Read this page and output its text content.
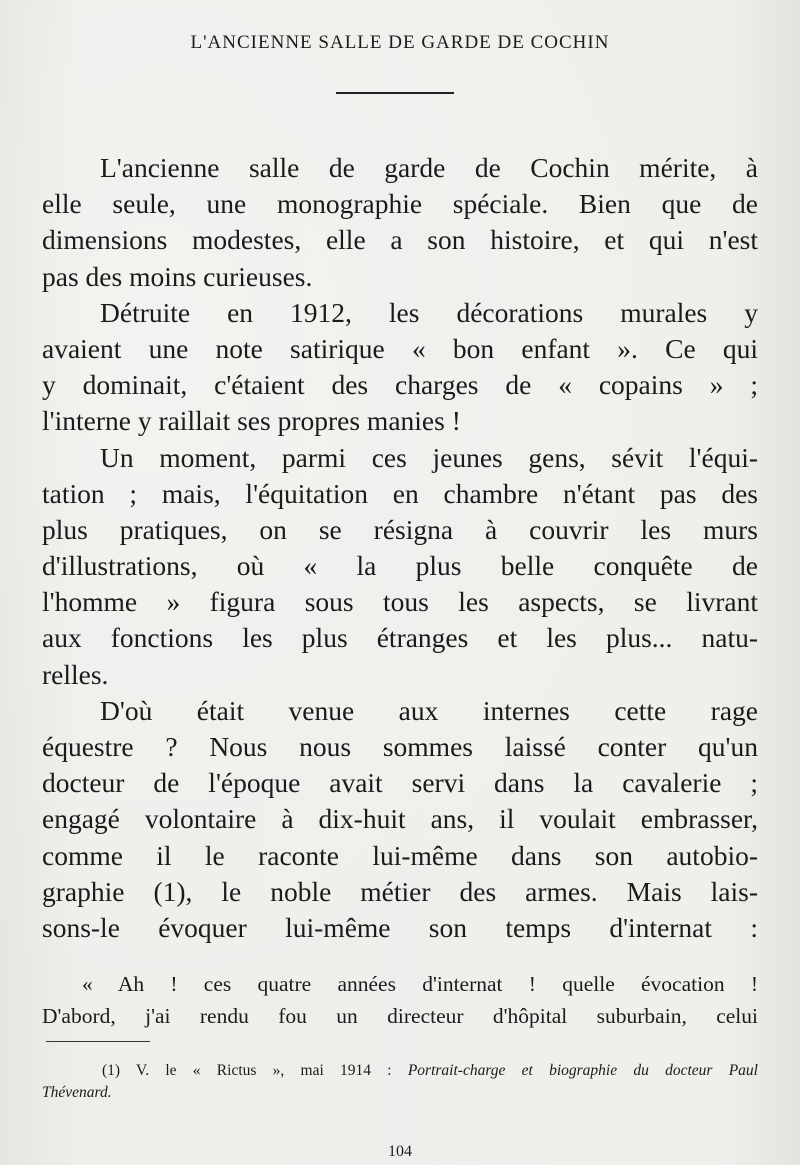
L'ANCIENNE SALLE DE GARDE DE COCHIN
L'ancienne salle de garde de Cochin mérite, à
elle seule, une monographie spéciale. Bien que de
dimensions modestes, elle a son histoire, et qui n'est
pas des moins curieuses.
Détruite en 1912, les décorations murales y
avaient une note satirique « bon enfant ». Ce qui
y dominait, c'étaient des charges de « copains » ;
l'interne y raillait ses propres manies !
Un moment, parmi ces jeunes gens, sévit l'équi-
tation ; mais, l'équitation en chambre n'étant pas des
plus pratiques, on se résigna à couvrir les murs
d'illustrations, où « la plus belle conquête de
l'homme » figura sous tous les aspects, se livrant
aux fonctions les plus étranges et les plus... natu-
relles.
D'où était venue aux internes cette rage
équestre ? Nous nous sommes laissé conter qu'un
docteur de l'époque avait servi dans la cavalerie ;
engagé volontaire à dix-huit ans, il voulait embrasser,
comme il le raconte lui-même dans son autobio-
graphie (1), le noble métier des armes. Mais lais-
sons-le évoquer lui-même son temps d'internat :
« Ah ! ces quatre années d'internat ! quelle évocation !
D'abord, j'ai rendu fou un directeur d'hôpital suburbain, celui
(1) V. le « Rictus », mai 1914 : Portrait-charge et biographie du docteur Paul
Thévenard.
104
